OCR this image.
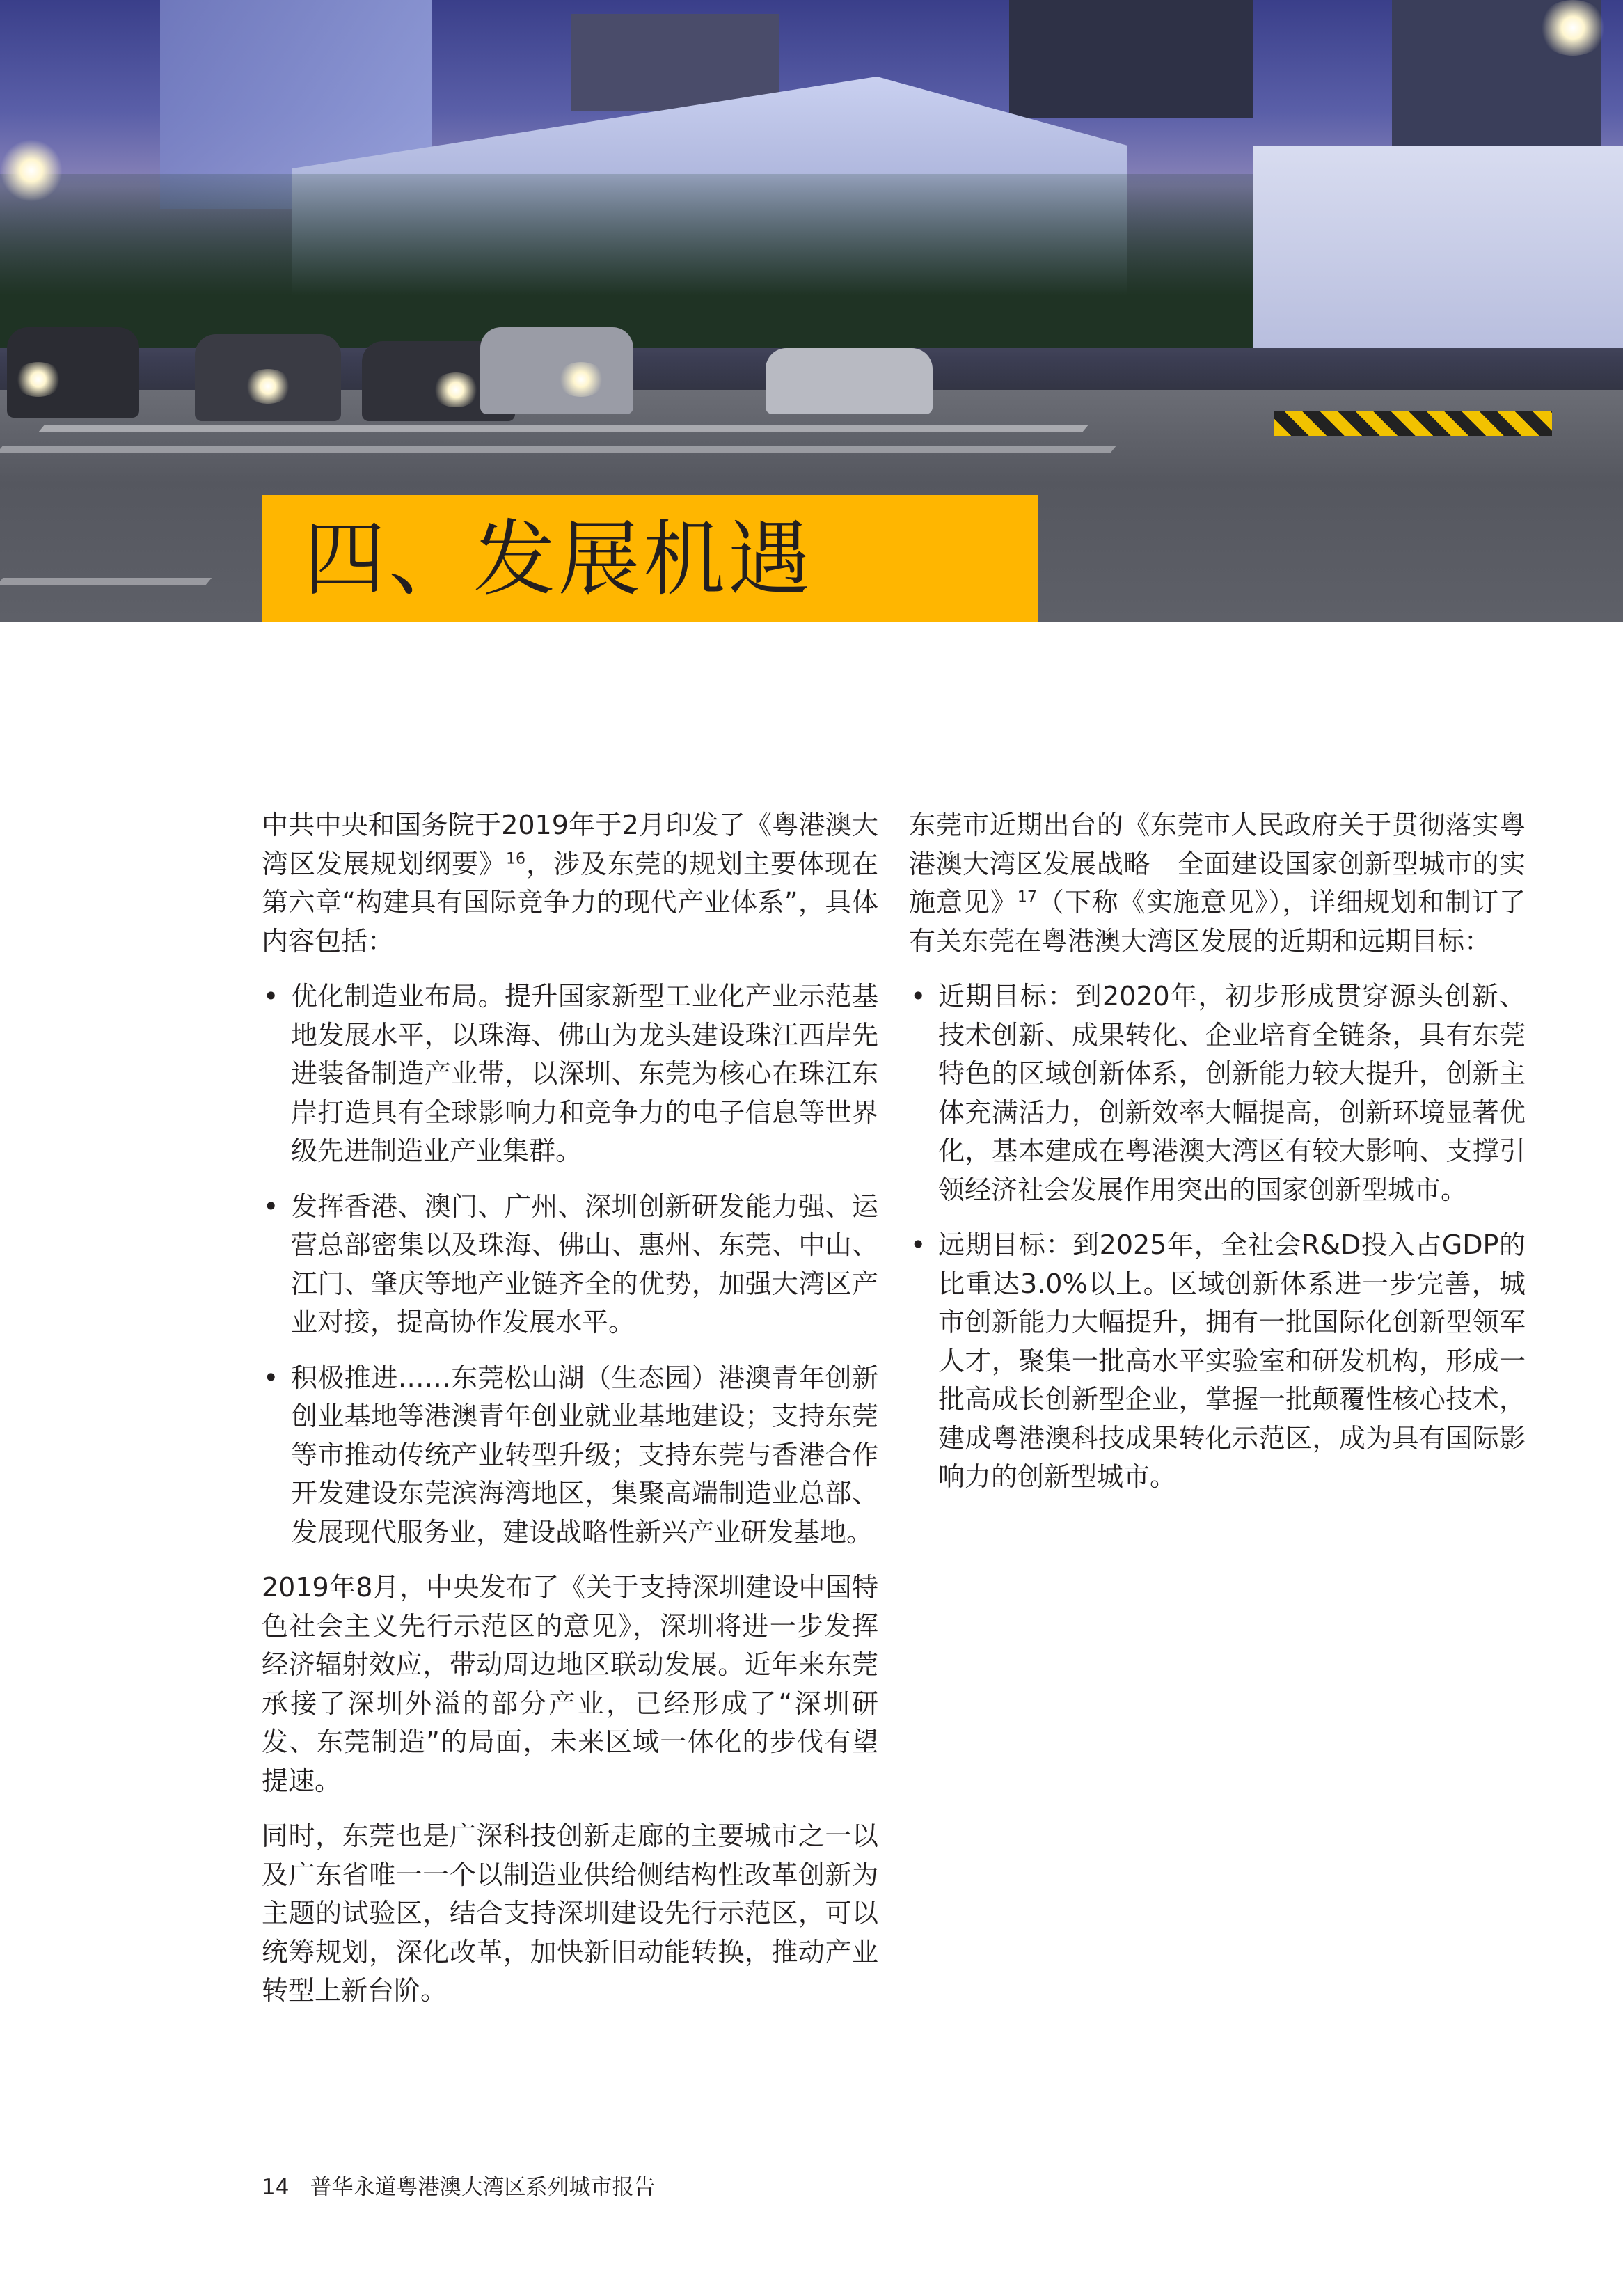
四、发展机遇

中共中央和国务院于2019年于2月印发了《粤港澳大湾区发展规划纲要》$^{16}$，涉及东莞的规划主要体现在第六章“构建具有国际竞争力的现代产业体系”，具体内容包括：

• 优化制造业布局。提升国家新型工业化产业示范基地发展水平，以珠海、佛山为龙头建设珠江西岸先进装备制造产业带，以深圳、东莞为核心在珠江东岸打造具有全球影响力和竞争力的电子信息等世界级先进制造业产业集群。
• 发挥香港、澳门、广州、深圳创新研发能力强、运营总部密集以及珠海、佛山、惠州、东莞、中山、江门、肇庆等地产业链齐全的优势，加强大湾区产业对接，提高协作发展水平。
• 积极推进……东莞松山湖（生态园）港澳青年创新创业基地等港澳青年创业就业基地建设；支持东莞等市推动传统产业转型升级；支持东莞与香港合作开发建设东莞滨海湾地区，集聚高端制造业总部、发展现代服务业，建设战略性新兴产业研发基地。

2019年8月，中央发布了《关于支持深圳建设中国特色社会主义先行示范区的意见》，深圳将进一步发挥经济辐射效应，带动周边地区联动发展。近年来东莞承接了深圳外溢的部分产业，已经形成了“深圳研发、东莞制造”的局面，未来区域一体化的步伐有望提速。

同时，东莞也是广深科技创新走廊的主要城市之一以及广东省唯一一个以制造业供给侧结构性改革创新为主题的试验区，结合支持深圳建设先行示范区，可以统筹规划，深化改革，加快新旧动能转换，推动产业转型上新台阶。

东莞市近期出台的《东莞市人民政府关于贯彻落实粤港澳大湾区发展战略　全面建设国家创新型城市的实施意见》$^{17}$（下称《实施意见》），详细规划和制订了有关东莞在粤港澳大湾区发展的近期和远期目标：

• 近期目标：到2020年，初步形成贯穿源头创新、技术创新、成果转化、企业培育全链条，具有东莞特色的区域创新体系，创新能力较大提升，创新主体充满活力，创新效率大幅提高，创新环境显著优化，基本建成在粤港澳大湾区有较大影响、支撑引领经济社会发展作用突出的国家创新型城市。
• 远期目标：到2025年，全社会R&D投入占GDP的比重达3.0%以上。区域创新体系进一步完善，城市创新能力大幅提升，拥有一批国际化创新型领军人才，聚集一批高水平实验室和研发机构，形成一批高成长创新型企业，掌握一批颠覆性核心技术，建成粤港澳科技成果转化示范区，成为具有国际影响力的创新型城市。
14 普华永道粤港澳大湾区系列城市报告
